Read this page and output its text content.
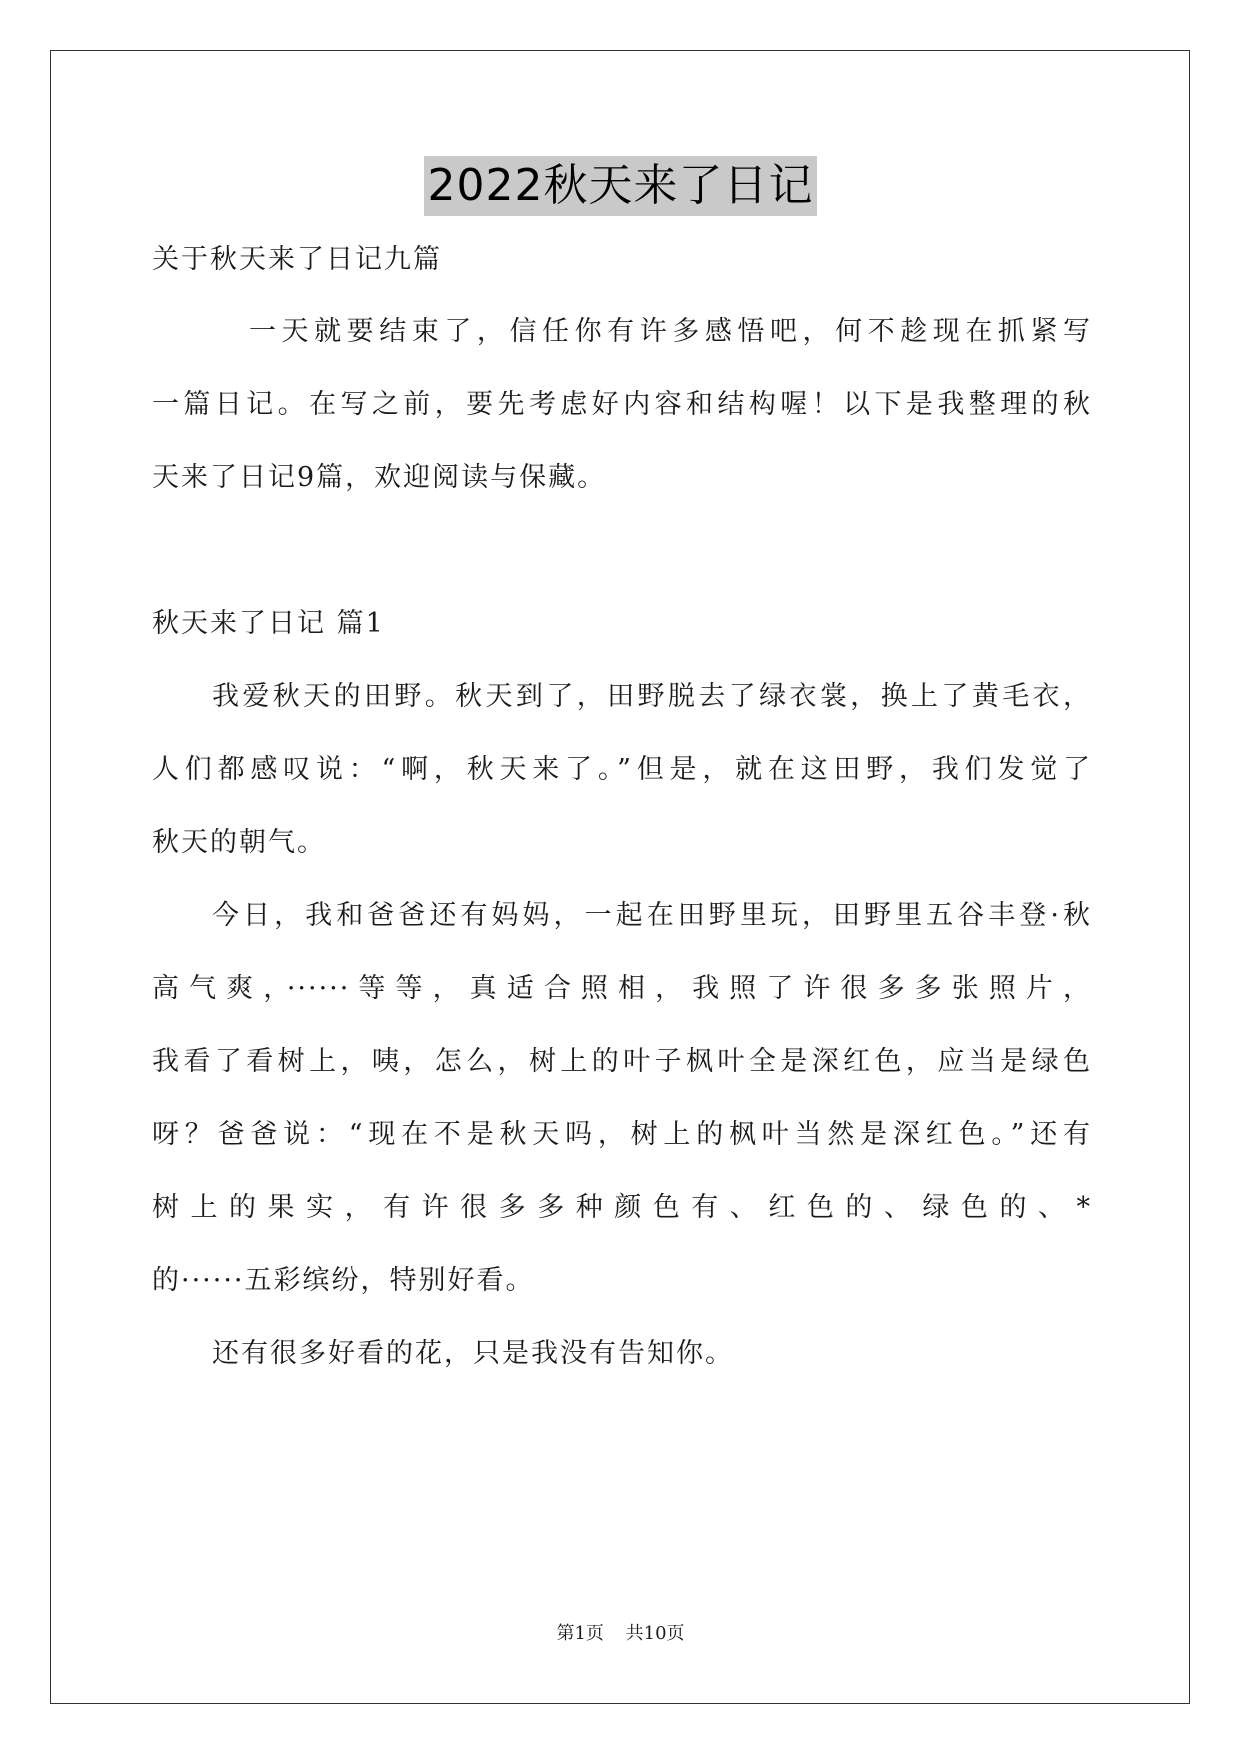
2022秋天来了日记
关于秋天来了日记九篇
一天就要结束了，信任你有许多感悟吧，何不趁现在抓紧写
一篇日记。在写之前，要先考虑好内容和结构喔！以下是我整理的秋
天来了日记9篇，欢迎阅读与保藏。
秋天来了日记 篇1
我爱秋天的田野。秋天到了，田野脱去了绿衣裳，换上了黄毛衣，
人们都感叹说：“啊，秋天来了。”但是，就在这田野，我们发觉了
秋天的朝气。
今日，我和爸爸还有妈妈，一起在田野里玩，田野里五谷丰登·秋
高气爽，······等等，真适合照相，我照了许很多多张照片，
我看了看树上，咦，怎么，树上的叶子枫叶全是深红色，应当是绿色
呀？爸爸说：“现在不是秋天吗，树上的枫叶当然是深红色。”还有
树上的果实，有许很多多种颜色有、红色的、绿色的、*
的······五彩缤纷，特别好看。
还有很多好看的花，只是我没有告知你。
第1页 共10页
